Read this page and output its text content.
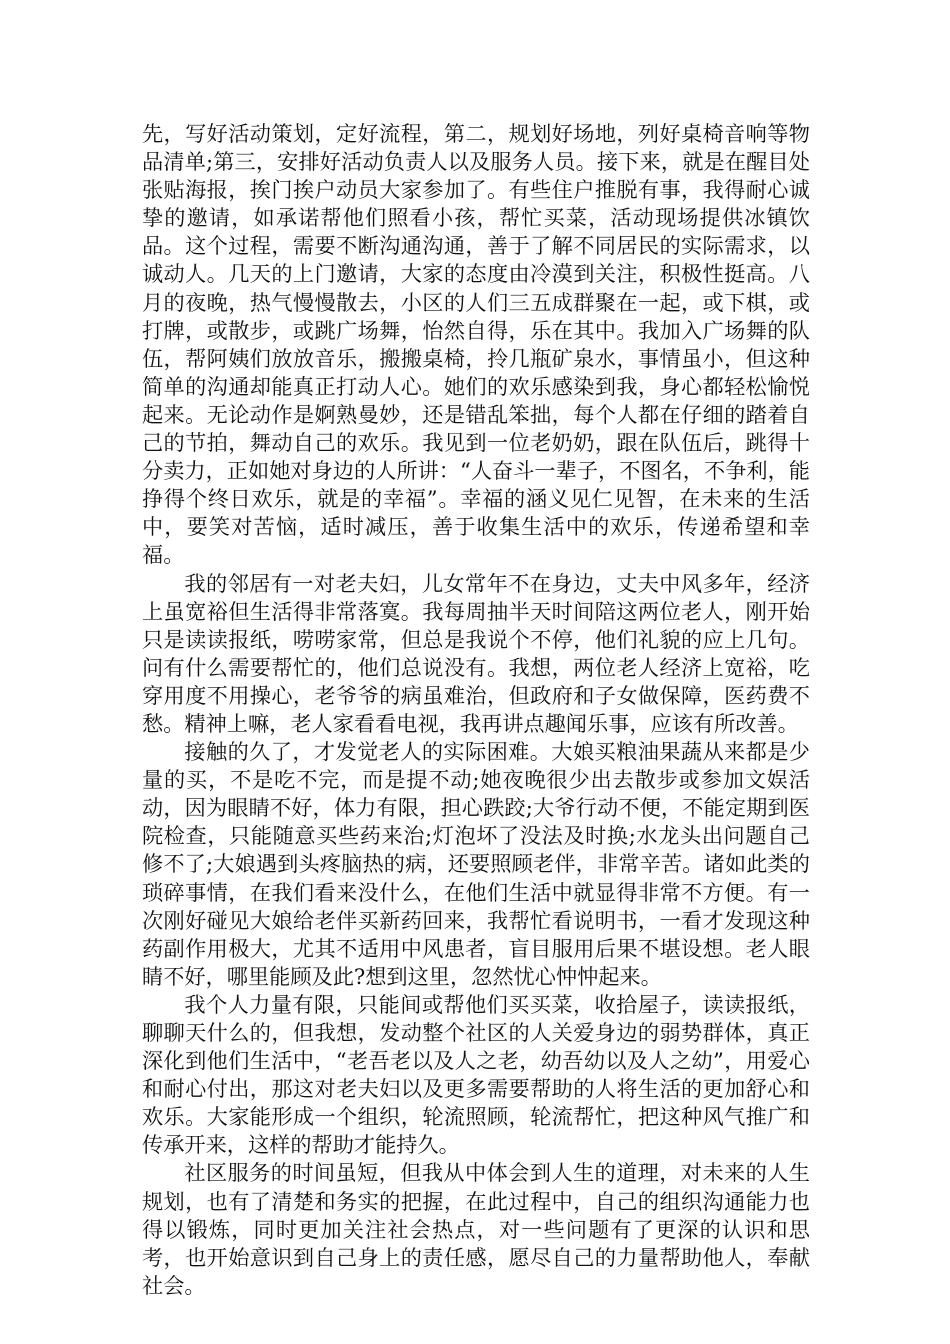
先，写好活动策划，定好流程，第二，规划好场地，列好桌椅音响等物品清单;第三，安排好活动负责人以及服务人员。接下来，就是在醒目处张贴海报，挨门挨户动员大家参加了。有些住户推脱有事，我得耐心诚挚的邀请，如承诺帮他们照看小孩，帮忙买菜，活动现场提供冰镇饮品。这个过程，需要不断沟通沟通，善于了解不同居民的实际需求，以诚动人。几天的上门邀请，大家的态度由冷漠到关注，积极性挺高。八月的夜晚，热气慢慢散去，小区的人们三五成群聚在一起，或下棋，或打牌，或散步，或跳广场舞，怡然自得，乐在其中。我加入广场舞的队伍，帮阿姨们放放音乐，搬搬桌椅，拎几瓶矿泉水，事情虽小，但这种简单的沟通却能真正打动人心。她们的欢乐感染到我，身心都轻松愉悦起来。无论动作是婀熟曼妙，还是错乱笨拙，每个人都在仔细的踏着自己的节拍，舞动自己的欢乐。我见到一位老奶奶，跟在队伍后，跳得十分卖力，正如她对身边的人所讲：“人奋斗一辈子，不图名，不争利，能挣得个终日欢乐，就是的幸福”。幸福的涵义见仁见智，在未来的生活中，要笑对苦恼，适时减压，善于收集生活中的欢乐，传递希望和幸福。

我的邻居有一对老夫妇，儿女常年不在身边，丈夫中风多年，经济上虽宽裕但生活得非常落寞。我每周抽半天时间陪这两位老人，刚开始只是读读报纸，唠唠家常，但总是我说个不停，他们礼貌的应上几句。问有什么需要帮忙的，他们总说没有。我想，两位老人经济上宽裕，吃穿用度不用操心，老爷爷的病虽难治，但政府和子女做保障，医药费不愁。精神上嘛，老人家看看电视，我再讲点趣闻乐事，应该有所改善。

接触的久了，才发觉老人的实际困难。大娘买粮油果蔬从来都是少量的买，不是吃不完，而是提不动;她夜晚很少出去散步或参加文娱活动，因为眼睛不好，体力有限，担心跌跤;大爷行动不便，不能定期到医院检查，只能随意买些药来治;灯泡坏了没法及时换;水龙头出问题自己修不了;大娘遇到头疼脑热的病，还要照顾老伴，非常辛苦。诸如此类的琐碎事情，在我们看来没什么，在他们生活中就显得非常不方便。有一次刚好碰见大娘给老伴买新药回来，我帮忙看说明书，一看才发现这种药副作用极大，尤其不适用中风患者，盲目服用后果不堪设想。老人眼睛不好，哪里能顾及此?想到这里，忽然忧心忡忡起来。

我个人力量有限，只能间或帮他们买买菜，收拾屋子，读读报纸，聊聊天什么的，但我想，发动整个社区的人关爱身边的弱势群体，真正深化到他们生活中，“老吾老以及人之老，幼吾幼以及人之幼”，用爱心和耐心付出，那这对老夫妇以及更多需要帮助的人将生活的更加舒心和欢乐。大家能形成一个组织，轮流照顾，轮流帮忙，把这种风气推广和传承开来，这样的帮助才能持久。

社区服务的时间虽短，但我从中体会到人生的道理，对未来的人生规划，也有了清楚和务实的把握，在此过程中，自己的组织沟通能力也得以锻炼，同时更加关注社会热点，对一些问题有了更深的认识和思考，也开始意识到自己身上的责任感，愿尽自己的力量帮助他人，奉献社会。
